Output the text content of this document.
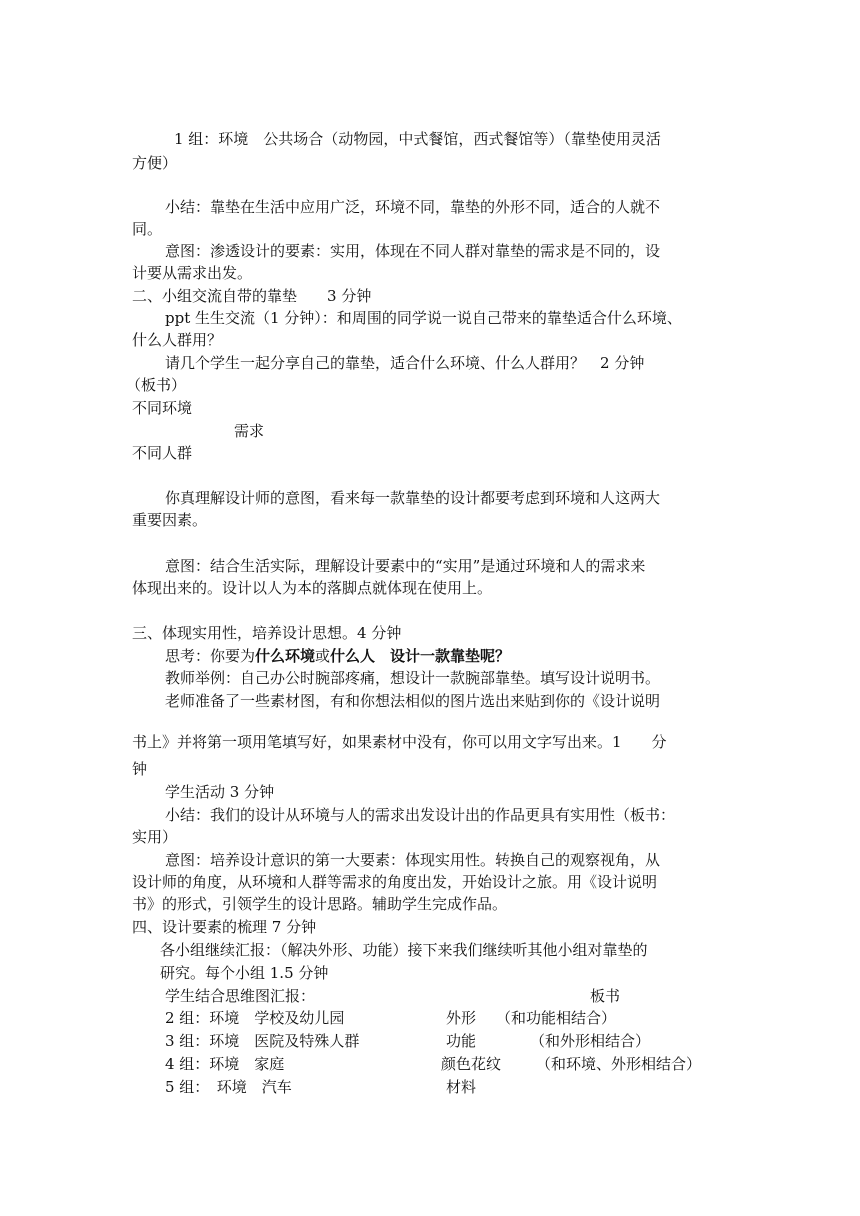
1 组：环境　公共场合（动物园，中式餐馆，西式餐馆等）（靠垫使用灵活

方便）

小结：靠垫在生活中应用广泛，环境不同，靠垫的外形不同，适合的人就不

同。

意图：渗透设计的要素：实用，体现在不同人群对靠垫的需求是不同的，设

计要从需求出发。

二、小组交流自带的靠垫　　3 分钟

ppt 生生交流（1 分钟）：和周围的同学说一说自己带来的靠垫适合什么环境、

什么人群用？

请几个学生一起分享自己的靠垫，适合什么环境、什么人群用？　2 分钟

（板书）

不同环境

需求

不同人群

你真理解设计师的意图，看来每一款靠垫的设计都要考虑到环境和人这两大

重要因素。

意图：结合生活实际，理解设计要素中的“实用”是通过环境和人的需求来

体现出来的。设计以人为本的落脚点就体现在使用上。

三、体现实用性，培养设计思想。4 分钟

思考：你要为什么环境或什么人　设计一款靠垫呢？

教师举例：自己办公时腕部疼痛，想设计一款腕部靠垫。填写设计说明书。

老师准备了一些素材图，有和你想法相似的图片选出来贴到你的《设计说明

书上》并将第一项用笔填写好，如果素材中没有，你可以用文字写出来。1　　分

钟

学生活动 3 分钟

小结：我们的设计从环境与人的需求出发设计出的作品更具有实用性（板书：

实用）

意图：培养设计意识的第一大要素：体现实用性。转换自己的观察视角，从

设计师的角度，从环境和人群等需求的角度出发，开始设计之旅。用《设计说明

书》的形式，引领学生的设计思路。辅助学生完成作品。

四、设计要素的梳理 7 分钟

各小组继续汇报：（解决外形、功能）接下来我们继续听其他小组对靠垫的

研究。每个小组 1.5 分钟

学生结合思维图汇报：	板书

2 组：环境　学校及幼儿园	外形 （和功能相结合）

3 组：环境　医院及特殊人群	功能	（和外形相结合）

4 组：环境　家庭	颜色花纹 （和环境、外形相结合）

5 组：　环境　汽车	材料
